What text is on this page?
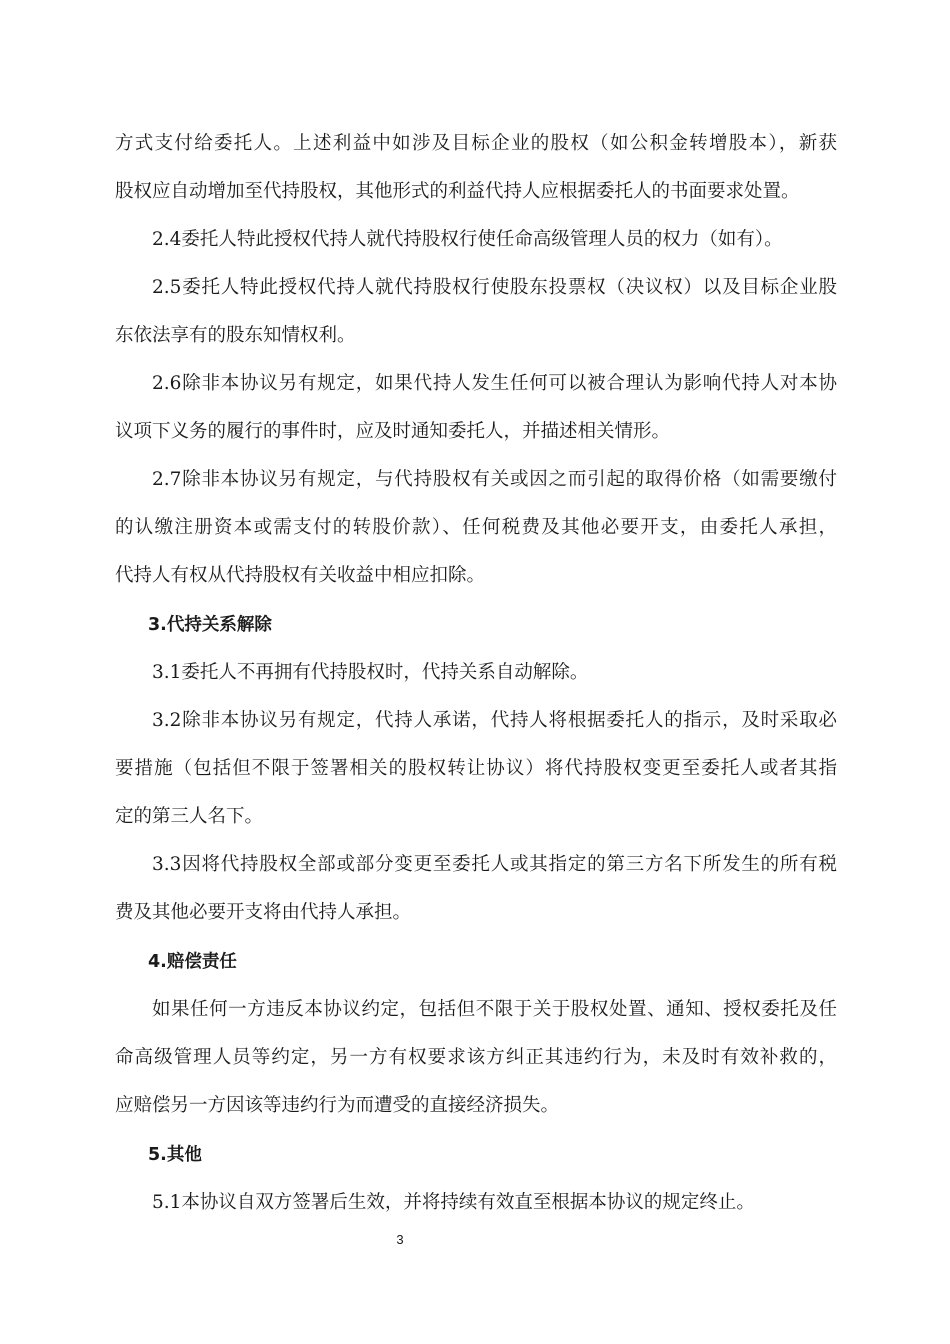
方式支付给委托人。上述利益中如涉及目标企业的股权（如公积金转增股本），新获
股权应自动增加至代持股权，其他形式的利益代持人应根据委托人的书面要求处置。
2.4委托人特此授权代持人就代持股权行使任命高级管理人员的权力（如有）。
2.5委托人特此授权代持人就代持股权行使股东投票权（决议权）以及目标企业股
东依法享有的股东知情权利。
2.6除非本协议另有规定，如果代持人发生任何可以被合理认为影响代持人对本协
议项下义务的履行的事件时，应及时通知委托人，并描述相关情形。
2.7除非本协议另有规定，与代持股权有关或因之而引起的取得价格（如需要缴付
的认缴注册资本或需支付的转股价款）、任何税费及其他必要开支，由委托人承担，
代持人有权从代持股权有关收益中相应扣除。
3.代持关系解除
3.1委托人不再拥有代持股权时，代持关系自动解除。
3.2除非本协议另有规定，代持人承诺，代持人将根据委托人的指示，及时采取必
要措施（包括但不限于签署相关的股权转让协议）将代持股权变更至委托人或者其指
定的第三人名下。
3.3因将代持股权全部或部分变更至委托人或其指定的第三方名下所发生的所有税
费及其他必要开支将由代持人承担。
4.赔偿责任
如果任何一方违反本协议约定，包括但不限于关于股权处置、通知、授权委托及任
命高级管理人员等约定，另一方有权要求该方纠正其违约行为，未及时有效补救的，
应赔偿另一方因该等违约行为而遭受的直接经济损失。
5.其他
5.1本协议自双方签署后生效，并将持续有效直至根据本协议的规定终止。
3
